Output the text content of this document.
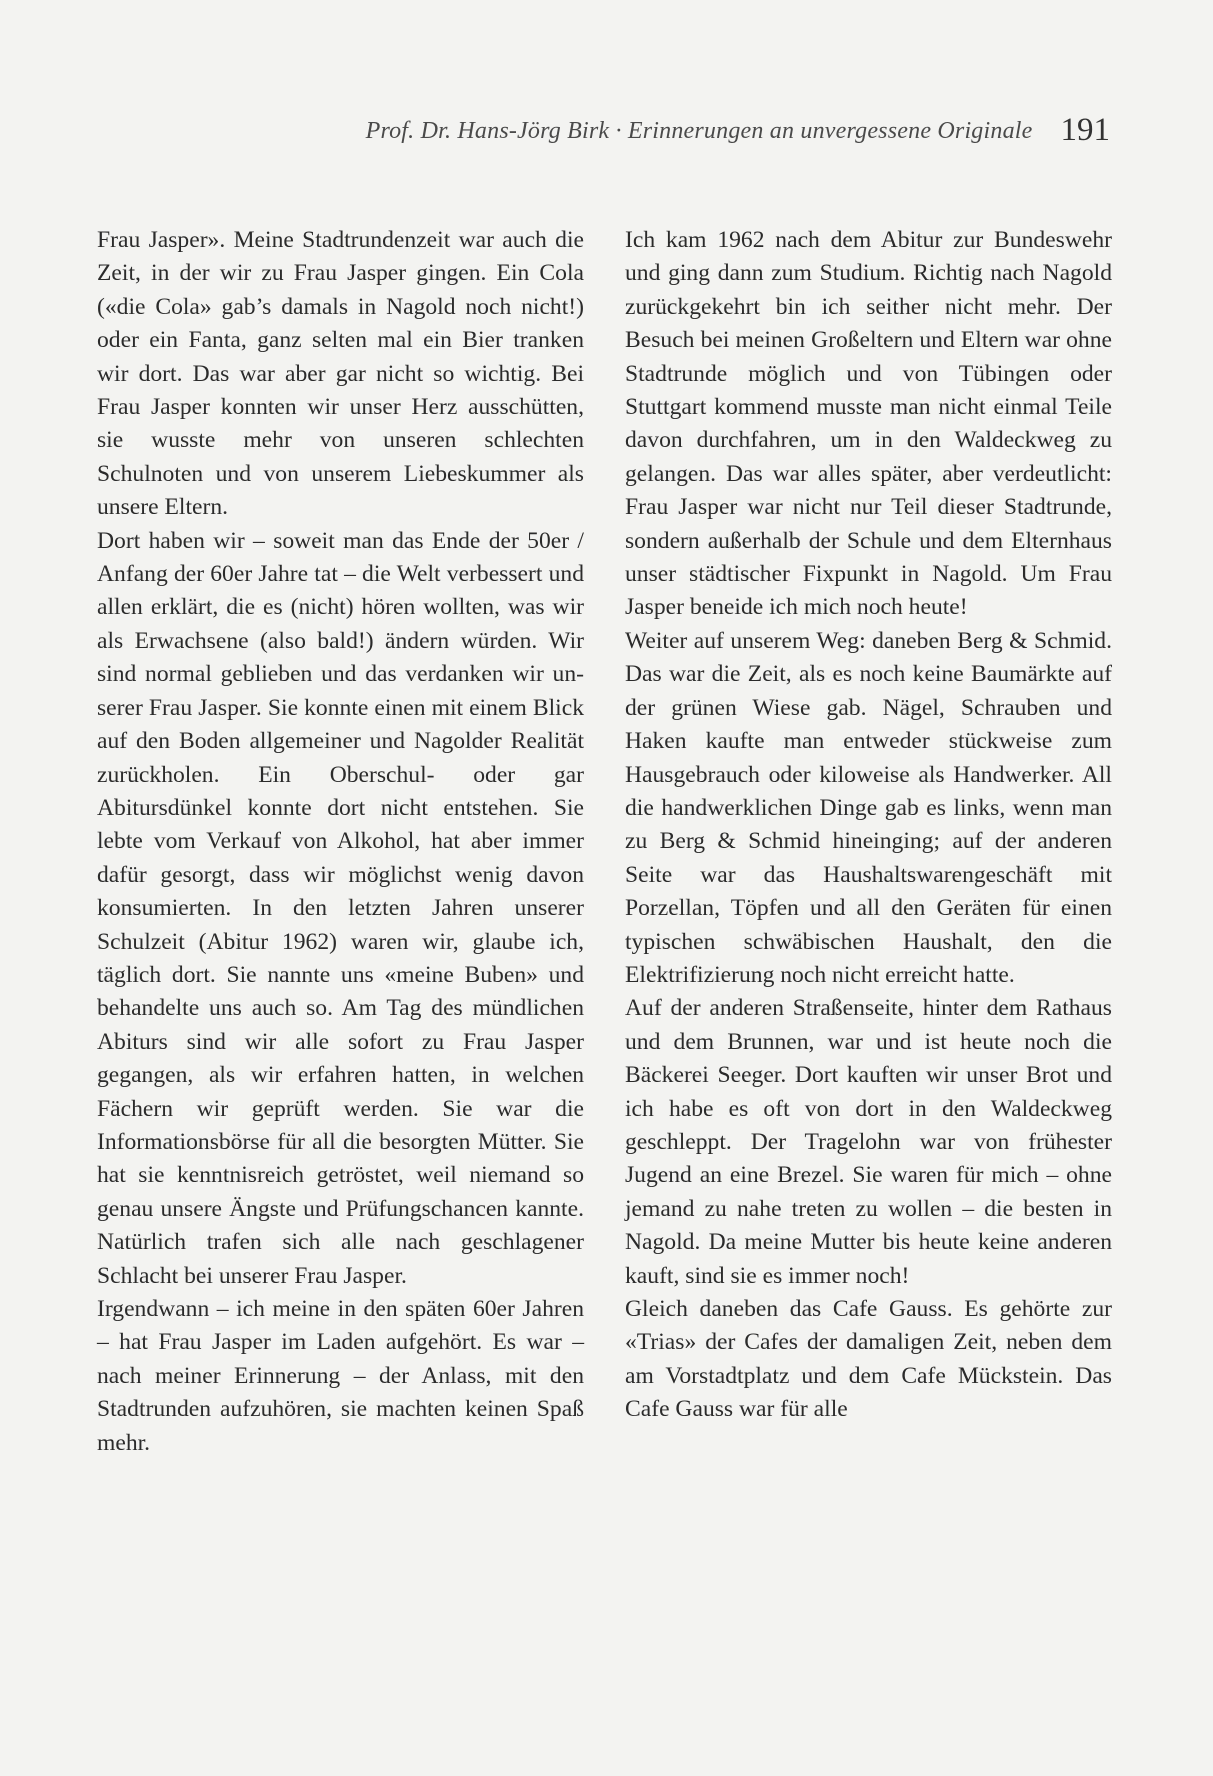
Prof. Dr. Hans-Jörg Birk · Erinnerungen an unvergessene Originale 191

Frau Jasper». Meine Stadtrundenzeit war auch die Zeit, in der wir zu Frau Jasper gingen. Ein Cola («die Cola» gab’s damals in Nagold noch nicht!) oder ein Fanta, ganz selten mal ein Bier tranken wir dort. Das war aber gar nicht so wichtig. Bei Frau Jasper konnten wir unser Herz ausschütten, sie wusste mehr von unseren schlechten Schulnoten und von unserem Liebeskummer als unsere Eltern.

Dort haben wir – soweit man das Ende der 50er / Anfang der 60er Jahre tat – die Welt verbessert und allen erklärt, die es (nicht) hören wollten, was wir als Erwachsene (also bald!) ändern würden. Wir sind normal geblieben und das verdanken wir unserer Frau Jasper. Sie konnte einen mit einem Blick auf den Boden allgemeiner und Nagolder Realität zurückholen. Ein Oberschul- oder gar Abitursdünkel konnte dort nicht entstehen. Sie lebte vom Verkauf von Alkohol, hat aber immer dafür gesorgt, dass wir möglichst wenig davon konsumierten. In den letzten Jahren unserer Schulzeit (Abitur 1962) waren wir, glaube ich, täglich dort. Sie nannte uns «meine Buben» und behandelte uns auch so. Am Tag des mündlichen Abiturs sind wir alle sofort zu Frau Jasper gegangen, als wir erfahren hatten, in welchen Fächern wir geprüft werden. Sie war die Informationsbörse für all die besorgten Mütter. Sie hat sie kenntnisreich getröstet, weil niemand so genau unsere Ängste und Prüfungschancen kannte. Natürlich trafen sich alle nach geschlagener Schlacht bei unserer Frau Jasper.

Irgendwann – ich meine in den späten 60er Jahren – hat Frau Jasper im Laden aufgehört. Es war – nach meiner Erinnerung – der Anlass, mit den Stadtrunden aufzuhören, sie machten keinen Spaß mehr.

Ich kam 1962 nach dem Abitur zur Bundeswehr und ging dann zum Studium. Richtig nach Nagold zurückgekehrt bin ich seither nicht mehr. Der Besuch bei meinen Großeltern und Eltern war ohne Stadtrunde möglich und von Tübingen oder Stuttgart kommend musste man nicht einmal Teile davon durchfahren, um in den Waldeckweg zu gelangen. Das war alles später, aber verdeutlicht: Frau Jasper war nicht nur Teil dieser Stadtrunde, sondern außerhalb der Schule und dem Elternhaus unser städtischer Fixpunkt in Nagold. Um Frau Jasper beneide ich mich noch heute!

Weiter auf unserem Weg: daneben Berg & Schmid. Das war die Zeit, als es noch keine Baumärkte auf der grünen Wiese gab. Nägel, Schrauben und Haken kaufte man entweder stückweise zum Hausgebrauch oder kiloweise als Handwerker. All die handwerklichen Dinge gab es links, wenn man zu Berg & Schmid hineinging; auf der anderen Seite war das Haushaltswarengeschäft mit Porzellan, Töpfen und all den Geräten für einen typischen schwäbischen Haushalt, den die Elektrifizierung noch nicht erreicht hatte.

Auf der anderen Straßenseite, hinter dem Rathaus und dem Brunnen, war und ist heute noch die Bäckerei Seeger. Dort kauften wir unser Brot und ich habe es oft von dort in den Waldeckweg geschleppt. Der Tragelohn war von frühester Jugend an eine Brezel. Sie waren für mich – ohne jemand zu nahe treten zu wollen – die besten in Nagold. Da meine Mutter bis heute keine anderen kauft, sind sie es immer noch!

Gleich daneben das Cafe Gauss. Es gehörte zur «Trias» der Cafes der damaligen Zeit, neben dem am Vorstadtplatz und dem Cafe Mückstein. Das Cafe Gauss war für alle
